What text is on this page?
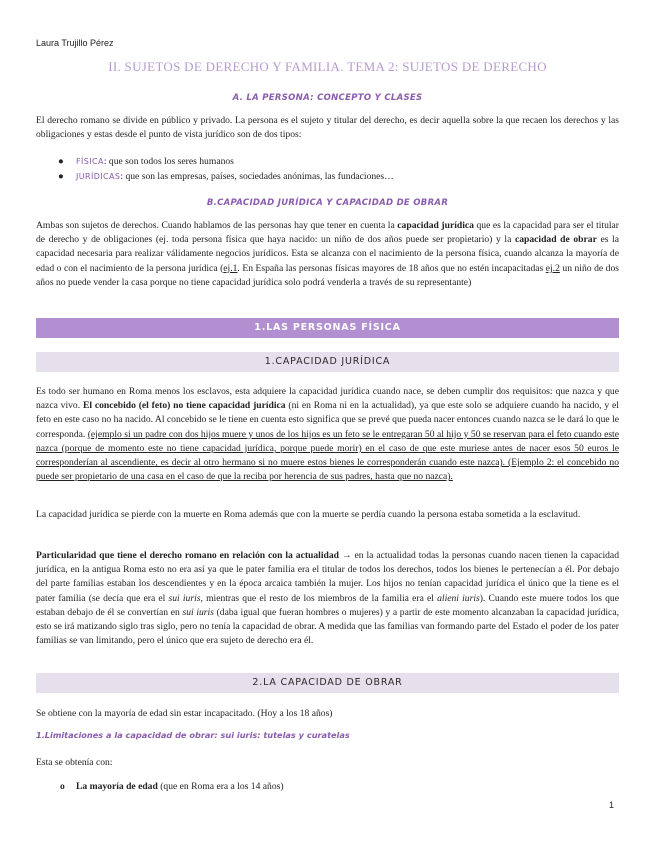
Laura Trujillo Pérez
II. SUJETOS DE DERECHO Y FAMILIA. TEMA 2: SUJETOS DE DERECHO
A. LA PERSONA: CONCEPTO Y CLASES

El derecho romano se divide en público y privado. La persona es el sujeto y titular del derecho, es decir aquella sobre la que recaen los derechos y las obligaciones y estas desde el punto de vista jurídico son de dos tipos:

● FÍSICA: que son todos los seres humanos
● JURÍDICAS: que son las empresas, países, sociedades anónimas, las fundaciones…
B.CAPACIDAD JURÍDICA Y CAPACIDAD DE OBRAR

Ambas son sujetos de derechos. Cuando hablamos de las personas hay que tener en cuenta la capacidad jurídica que es la capacidad para ser el titular de derecho y de obligaciones (ej. toda persona física que haya nacido: un niño de dos años puede ser propietario) y la capacidad de obrar es la capacidad necesaria para realizar válidamente negocios jurídicos. Esta se alcanza con el nacimiento de la persona física, cuando alcanza la mayoría de edad o con el nacimiento de la persona jurídica (ej.1. En España las personas físicas mayores de 18 años que no estén incapacitadas ej.2 un niño de dos años no puede vender la casa porque no tiene capacidad jurídica solo podrá venderla a través de su representante)

1.LAS PERSONAS FÍSICA
1.CAPACIDAD JURÍDICA

Es todo ser humano en Roma menos los esclavos, esta adquiere la capacidad jurídica cuando nace, se deben cumplir dos requisitos: que nazca y que nazca vivo. El concebido (el feto) no tiene capacidad jurídica (ni en Roma ni en la actualidad), ya que este solo se adquiere cuando ha nacido, y el feto en este caso no ha nacido. Al concebido se le tiene en cuenta esto significa que se prevé que pueda nacer entonces cuando nazca se le dará lo que le corresponda. (ejemplo si un padre con dos hijos muere y unos de los hijos es un feto se le entregaran 50 al hijo y 50 se reservan para el feto cuando este nazca (porque de momento este no tiene capacidad jurídica, porque puede morir) en el caso de que este muriese antes de nacer esos 50 euros le corresponderían al ascendiente, es decir al otro hermano si no muere estos bienes le corresponderán cuando este nazca). (Ejemplo 2: el concebido no puede ser propietario de una casa en el caso de que la reciba por herencia de sus padres, hasta que no nazca).

La capacidad jurídica se pierde con la muerte en Roma además que con la muerte se perdía cuando la persona estaba sometida a la esclavitud.

Particularidad que tiene el derecho romano en relación con la actualidad → en la actualidad todas la personas cuando nacen tienen la capacidad jurídica, en la antigua Roma esto no era así ya que le pater familia era el titular de todos los derechos, todos los bienes le pertenecían a él. Por debajo del parte familias estaban los descendientes y en la época arcaica también la mujer. Los hijos no tenían capacidad jurídica el único que la tiene es el pater familia (se decía que era el sui iuris, mientras que el resto de los miembros de la familia era el alieni iuris). Cuando este muere todos los que estaban debajo de él se convertían en sui iuris (daba igual que fueran hombres o mujeres) y a partir de este momento alcanzaban la capacidad jurídica, esto se irá matizando siglo tras siglo, pero no tenía la capacidad de obrar. A medida que las familias van formando parte del Estado el poder de los pater familias se van limitando, pero el único que era sujeto de derecho era él.

2.LA CAPACIDAD DE OBRAR

Se obtiene con la mayoría de edad sin estar incapacitado. (Hoy a los 18 años)

1.Limitaciones a la capacidad de obrar: sui iuris: tutelas y curatelas

Esta se obtenía con:

o La mayoría de edad (que en Roma era a los 14 años)
1
